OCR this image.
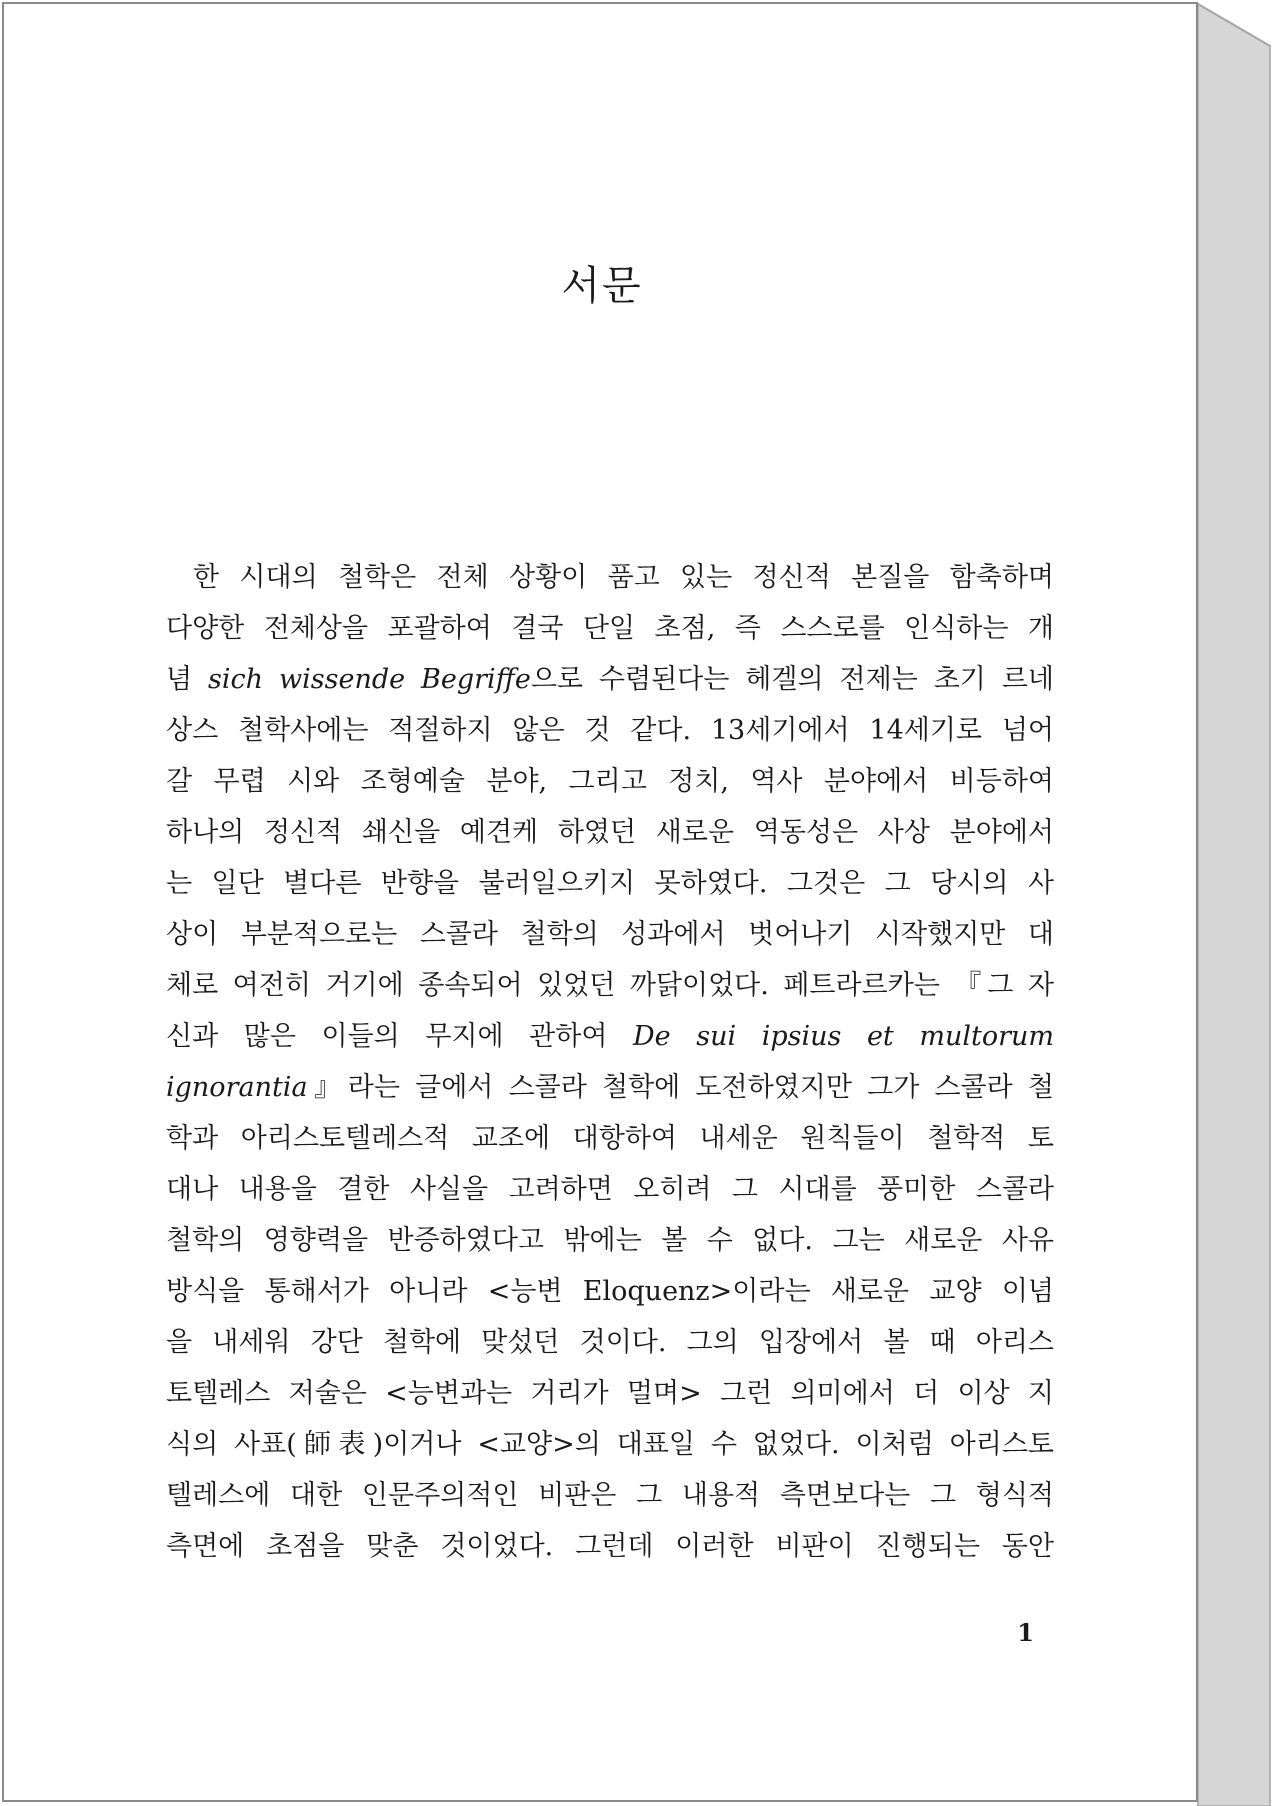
서문
한 시대의 철학은 전체 상황이 품고 있는 정신적 본질을 함축하며
다양한 전체상을 포괄하여 결국 단일 초점, 즉 스스로를 인식하는 개
념 sich wissende Begriffe으로 수렴된다는 헤겔의 전제는 초기 르네
상스 철학사에는 적절하지 않은 것 같다. 13세기에서 14세기로 넘어
갈 무렵 시와 조형예술 분야, 그리고 정치, 역사 분야에서 비등하여
하나의 정신적 쇄신을 예견케 하였던 새로운 역동성은 사상 분야에서
는 일단 별다른 반향을 불러일으키지 못하였다. 그것은 그 당시의 사
상이 부분적으로는 스콜라 철학의 성과에서 벗어나기 시작했지만 대
체로 여전히 거기에 종속되어 있었던 까닭이었다. 페트라르카는 『그 자
신과 많은 이들의 무지에 관하여 De sui ipsius et multorum
ignorantia』라는 글에서 스콜라 철학에 도전하였지만 그가 스콜라 철
학과 아리스토텔레스적 교조에 대항하여 내세운 원칙들이 철학적 토
대나 내용을 결한 사실을 고려하면 오히려 그 시대를 풍미한 스콜라
철학의 영향력을 반증하였다고 밖에는 볼 수 없다. 그는 새로운 사유
방식을 통해서가 아니라 <능변 Eloquenz>이라는 새로운 교양 이념
을 내세워 강단 철학에 맞섰던 것이다. 그의 입장에서 볼 때 아리스
토텔레스 저술은 <능변과는 거리가 멀며> 그런 의미에서 더 이상 지
식의 사표(師表)이거나 <교양>의 대표일 수 없었다. 이처럼 아리스토
텔레스에 대한 인문주의적인 비판은 그 내용적 측면보다는 그 형식적
측면에 초점을 맞춘 것이었다. 그런데 이러한 비판이 진행되는 동안
1
